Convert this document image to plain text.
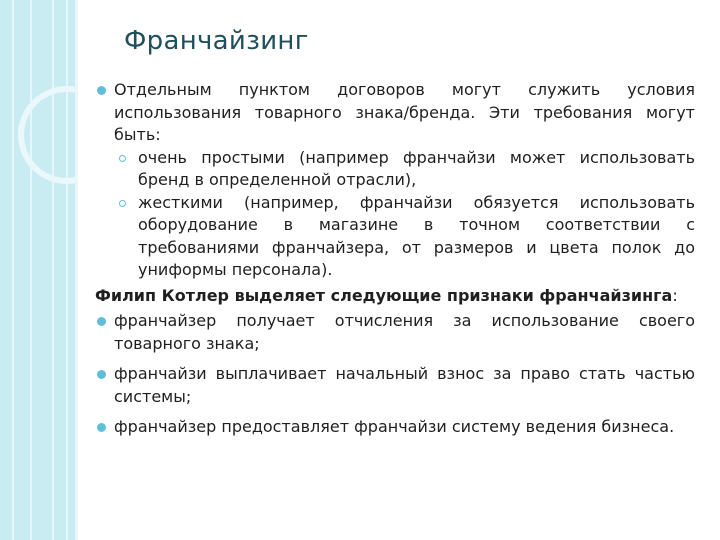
Франчайзинг
Отдельным пунктом договоров могут служить условия использования товарного знака/бренда. Эти требования могут быть:
очень простыми (например франчайзи может использовать бренд в определенной отрасли),
жесткими (например, франчайзи обязуется использовать оборудование в магазине в точном соответствии с требованиями франчайзера, от размеров и цвета полок до униформы персонала).
Филип Котлер выделяет следующие признаки франчайзинга:
франчайзер получает отчисления за использование своего товарного знака;
франчайзи выплачивает начальный взнос за право стать частью системы;
франчайзер предоставляет франчайзи систему ведения бизнеса.
